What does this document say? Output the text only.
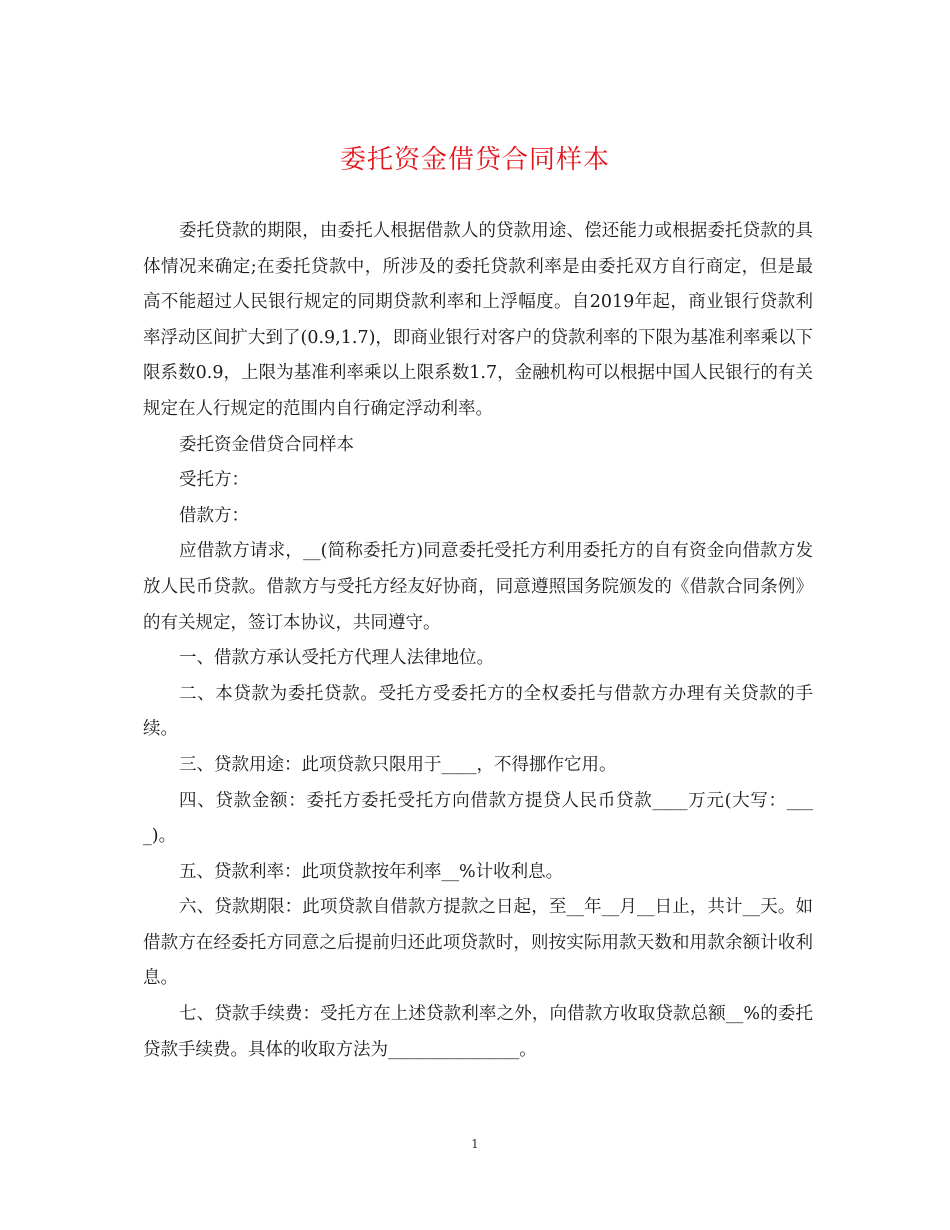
委托资金借贷合同样本

委托贷款的期限，由委托人根据借款人的贷款用途、偿还能力或根据委托贷款的具体情况来确定;在委托贷款中，所涉及的委托贷款利率是由委托双方自行商定，但是最高不能超过人民银行规定的同期贷款利率和上浮幅度。自2019年起，商业银行贷款利率浮动区间扩大到了(0.9,1.7)，即商业银行对客户的贷款利率的下限为基准利率乘以下限系数0.9，上限为基准利率乘以上限系数1.7，金融机构可以根据中国人民银行的有关规定在人行规定的范围内自行确定浮动利率。

委托资金借贷合同样本

受托方：

借款方：

应借款方请求，__(简称委托方)同意委托受托方利用委托方的自有资金向借款方发放人民币贷款。借款方与受托方经友好协商，同意遵照国务院颁发的《借款合同条例》的有关规定，签订本协议，共同遵守。

一、借款方承认受托方代理人法律地位。

二、本贷款为委托贷款。受托方受委托方的全权委托与借款方办理有关贷款的手续。

三、贷款用途：此项贷款只限用于____，不得挪作它用。

四、贷款金额：委托方委托受托方向借款方提贷人民币贷款____万元(大写：____)。

五、贷款利率：此项贷款按年利率__%计收利息。

六、贷款期限：此项贷款自借款方提款之日起，至__年__月__日止，共计__天。如借款方在经委托方同意之后提前归还此项贷款时，则按实际用款天数和用款余额计收利息。

七、贷款手续费：受托方在上述贷款利率之外，向借款方收取贷款总额__%的委托贷款手续费。具体的收取方法为_______________。

1
